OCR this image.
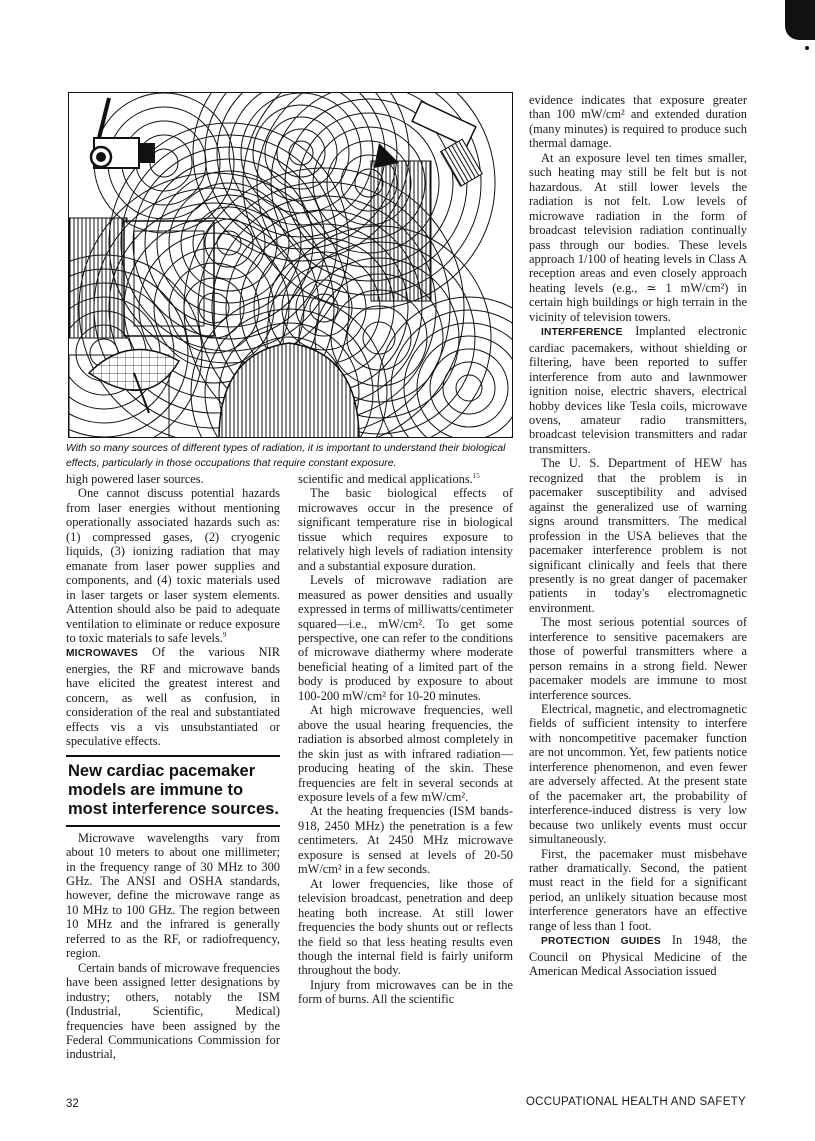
With so many sources of different types of radiation, it is important to understand their biological effects, particularly in those occupations that require constant exposure.

high powered laser sources.

One cannot discuss potential hazards from laser energies without mentioning operationally associated hazards such as: (1) compressed gases, (2) cryogenic liquids, (3) ionizing radiation that may emanate from laser power supplies and components, and (4) toxic materials used in laser targets or laser system elements. Attention should also be paid to adequate ventilation to eliminate or reduce exposure to toxic materials to safe levels.$^9$

MICROWAVES Of the various NIR energies, the RF and microwave bands have elicited the greatest interest and concern, as well as confusion, in consideration of the real and substantiated effects vis a vis unsubstantiated or speculative effects.

New cardiac pacemaker models are immune to most interference sources.

Microwave wavelengths vary from about 10 meters to about one millimeter; in the frequency range of 30 MHz to 300 GHz. The ANSI and OSHA standards, however, define the microwave range as 10 MHz to 100 GHz. The region between 10 MHz and the infrared is generally referred to as the RF, or radiofrequency, region.

Certain bands of microwave frequencies have been assigned letter designations by industry; others, notably the ISM (Industrial, Scientific, Medical) frequencies have been assigned by the Federal Communications Commission for industrial,

scientific and medical applications.$^{15}$

The basic biological effects of microwaves occur in the presence of significant temperature rise in biological tissue which requires exposure to relatively high levels of radiation intensity and a substantial exposure duration.

Levels of microwave radiation are measured as power densities and usually expressed in terms of milliwatts/centimeter squared—i.e., mW/cm². To get some perspective, one can refer to the conditions of microwave diathermy where moderate beneficial heating of a limited part of the body is produced by exposure to about 100-200 mW/cm² for 10-20 minutes.

At high microwave frequencies, well above the usual hearing frequencies, the radiation is absorbed almost completely in the skin just as with infrared radiation—producing heating of the skin. These frequencies are felt in several seconds at exposure levels of a few mW/cm².

At the heating frequencies (ISM bands-918, 2450 MHz) the penetration is a few centimeters. At 2450 MHz microwave exposure is sensed at levels of 20-50 mW/cm² in a few seconds.

At lower frequencies, like those of television broadcast, penetration and deep heating both increase. At still lower frequencies the body shunts out or reflects the field so that less heating results even though the internal field is fairly uniform throughout the body.

Injury from microwaves can be in the form of burns. All the scientific

evidence indicates that exposure greater than 100 mW/cm² and extended duration (many minutes) is required to produce such thermal damage.

At an exposure level ten times smaller, such heating may still be felt but is not hazardous. At still lower levels the radiation is not felt. Low levels of microwave radiation in the form of broadcast television radiation continually pass through our bodies. These levels approach 1/100 of heating levels in Class A reception areas and even closely approach heating levels (e.g., ≃ 1 mW/cm²) in certain high buildings or high terrain in the vicinity of television towers.

INTERFERENCE Implanted electronic cardiac pacemakers, without shielding or filtering, have been reported to suffer interference from auto and lawnmower ignition noise, electric shavers, electrical hobby devices like Tesla coils, microwave ovens, amateur radio transmitters, broadcast television transmitters and radar transmitters.

The U. S. Department of HEW has recognized that the problem is in pacemaker susceptibility and advised against the generalized use of warning signs around transmitters. The medical profession in the USA believes that the pacemaker interference problem is not significant clinically and feels that there presently is no great danger of pacemaker patients in today's electromagnetic environment.

The most serious potential sources of interference to sensitive pacemakers are those of powerful transmitters where a person remains in a strong field. Newer pacemaker models are immune to most interference sources.

Electrical, magnetic, and electromagnetic fields of sufficient intensity to interfere with noncompetitive pacemaker function are not uncommon. Yet, few patients notice interference phenomenon, and even fewer are adversely affected. At the present state of the pacemaker art, the probability of interference-induced distress is very low because two unlikely events must occur simultaneously.

First, the pacemaker must misbehave rather dramatically. Second, the patient must react in the field for a significant period, an unlikely situation because most interference generators have an effective range of less than 1 foot.

PROTECTION GUIDES In 1948, the Council on Physical Medicine of the American Medical Association issued

32	OCCUPATIONAL HEALTH AND SAFETY
